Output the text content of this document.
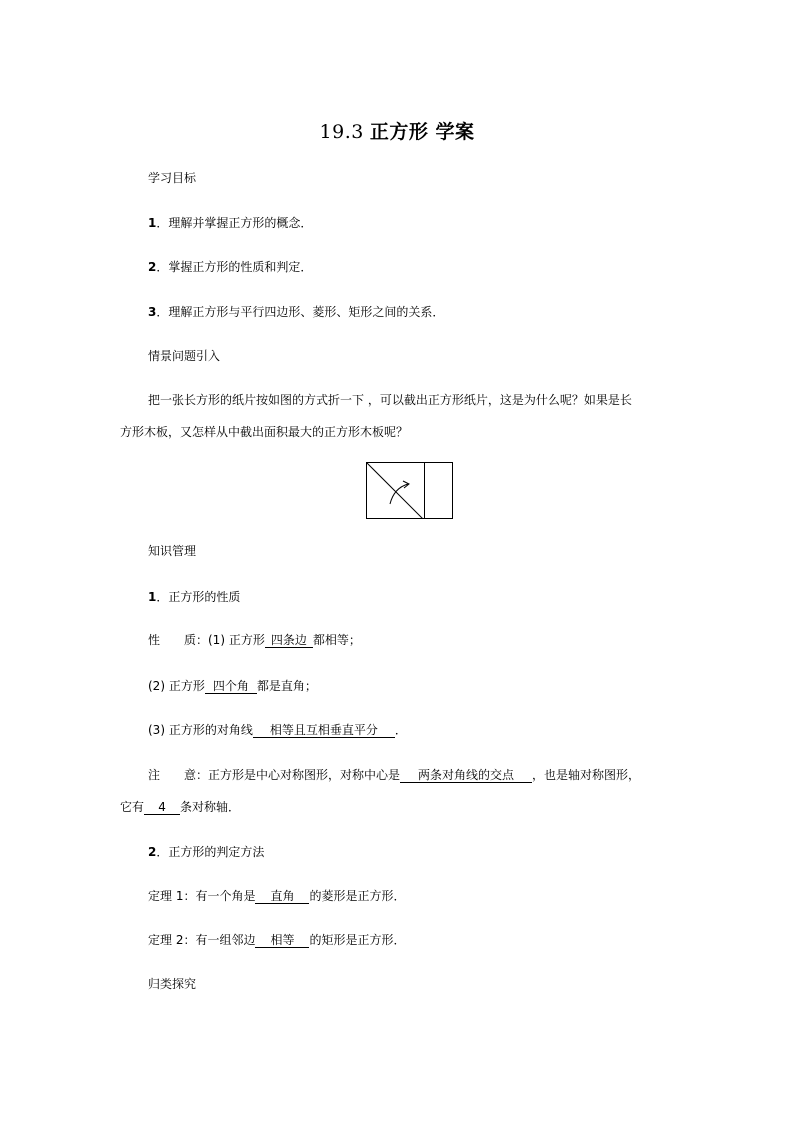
19.3 正方形 学案
学习目标
1．理解并掌握正方形的概念．
2．掌握正方形的性质和判定．
3．理解正方形与平行四边形、菱形、矩形之间的关系．
情景问题引入
把一张长方形的纸片按如图的方式折一下 ，可以截出正方形纸片，这是为什么呢？如果是长
方形木板，又怎样从中截出面积最大的正方形木板呢？
知识管理
1．正方形的性质
性　　质：(1) 正方形 四条边 都相等；
(2) 正方形 四个角 都是直角；
(3) 正方形的对角线 相等且互相垂直平分 ．
注　　意：正方形是中心对称图形，对称中心是 两条对角线的交点 ，也是轴对称图形，
它有 4 条对称轴．
2．正方形的判定方法
定理 1：有一个角是 直角 的菱形是正方形．
定理 2：有一组邻边 相等 的矩形是正方形．
归类探究
